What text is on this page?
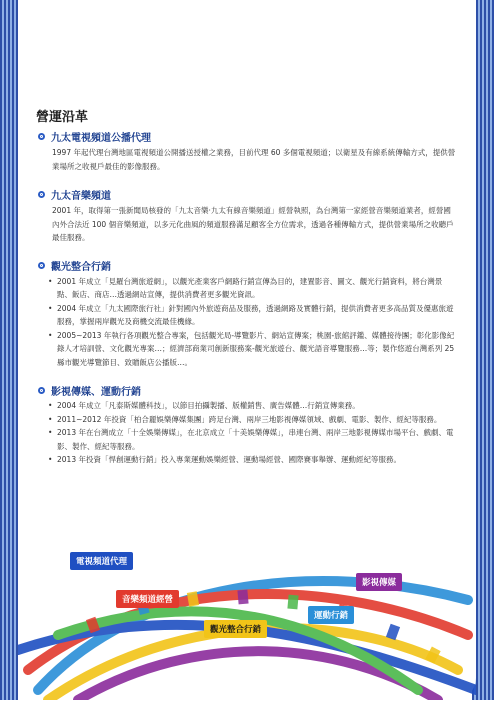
營運沿革
九太電視頻道公播代理

1997 年起代理台灣地區電視頻道公開播送授權之業務，目前代理 60 多個電視頻道；以衛星及有線系統傳輸方式，提供營業場所之收視戶最佳的影像服務。

九太音樂頻道

2001 年，取得第一張新聞局核發的「九太音樂‧九太有線音樂頻道」經營執照，為台灣第一家經營音樂頻道業者，經營國內外合法近 100 個音樂頻道，以多元化曲風的頻道服務滿足顧客全方位需求，透過各種傳輸方式，提供營業場所之收聽戶最佳服務。

觀光整合行銷
• 2001 年成立「見羅台灣旅遊網」，以觀光產業客戶網路行銷宣傳為目的，建置影音、圖文、觀光行銷資料，將台灣景點、飯店、商店…透過網站宣傳，提供消費者更多觀光資訊。
• 2004 年成立「九太國際旅行社」針對國內外旅遊商品及服務，透過網路及實體行銷，提供消費者更多高品質及優惠旅遊服務，掌握兩岸觀光及商機交流最佳機緣。
• 2005~2013 年執行各項觀光整合專案，包括觀光局-導覽影片、網站宣傳案；桃園-旅館評鑑、媒體接待團；彰化影像紀錄人才培訓營、文化觀光專案…；經濟部商業司創新服務案-觀光旅遊台、觀光語音導覽服務…等；製作悠遊台灣系列 25 縣市觀光導覽節目、致贈飯店公播版…。
影視傳媒、運動行銷
• 2004 年成立「凡泰斯媒體科技」，以節目拍攝製播、版權銷售、廣告媒體…行銷宣傳業務。
• 2011~2012 年投資「柏合麗娛樂傳媒集團」跨足台灣、兩岸三地影視傳媒領域、戲劇、電影、製作、經紀等服務。
• 2013 年在台灣成立「十全娛樂傳媒」，在北京成立「十美娛樂傳媒」，串連台灣、兩岸三地影視傳媒市場平台、戲劇、電影、製作、經紀等服務。
• 2013 年投資「悍創運動行銷」投入專業運動娛樂經營、運動場經營、國際賽事舉辦、運動經紀等服務。
電視頻道代理
音樂頻道經營
觀光整合行銷
運動行銷
影視傳媒
